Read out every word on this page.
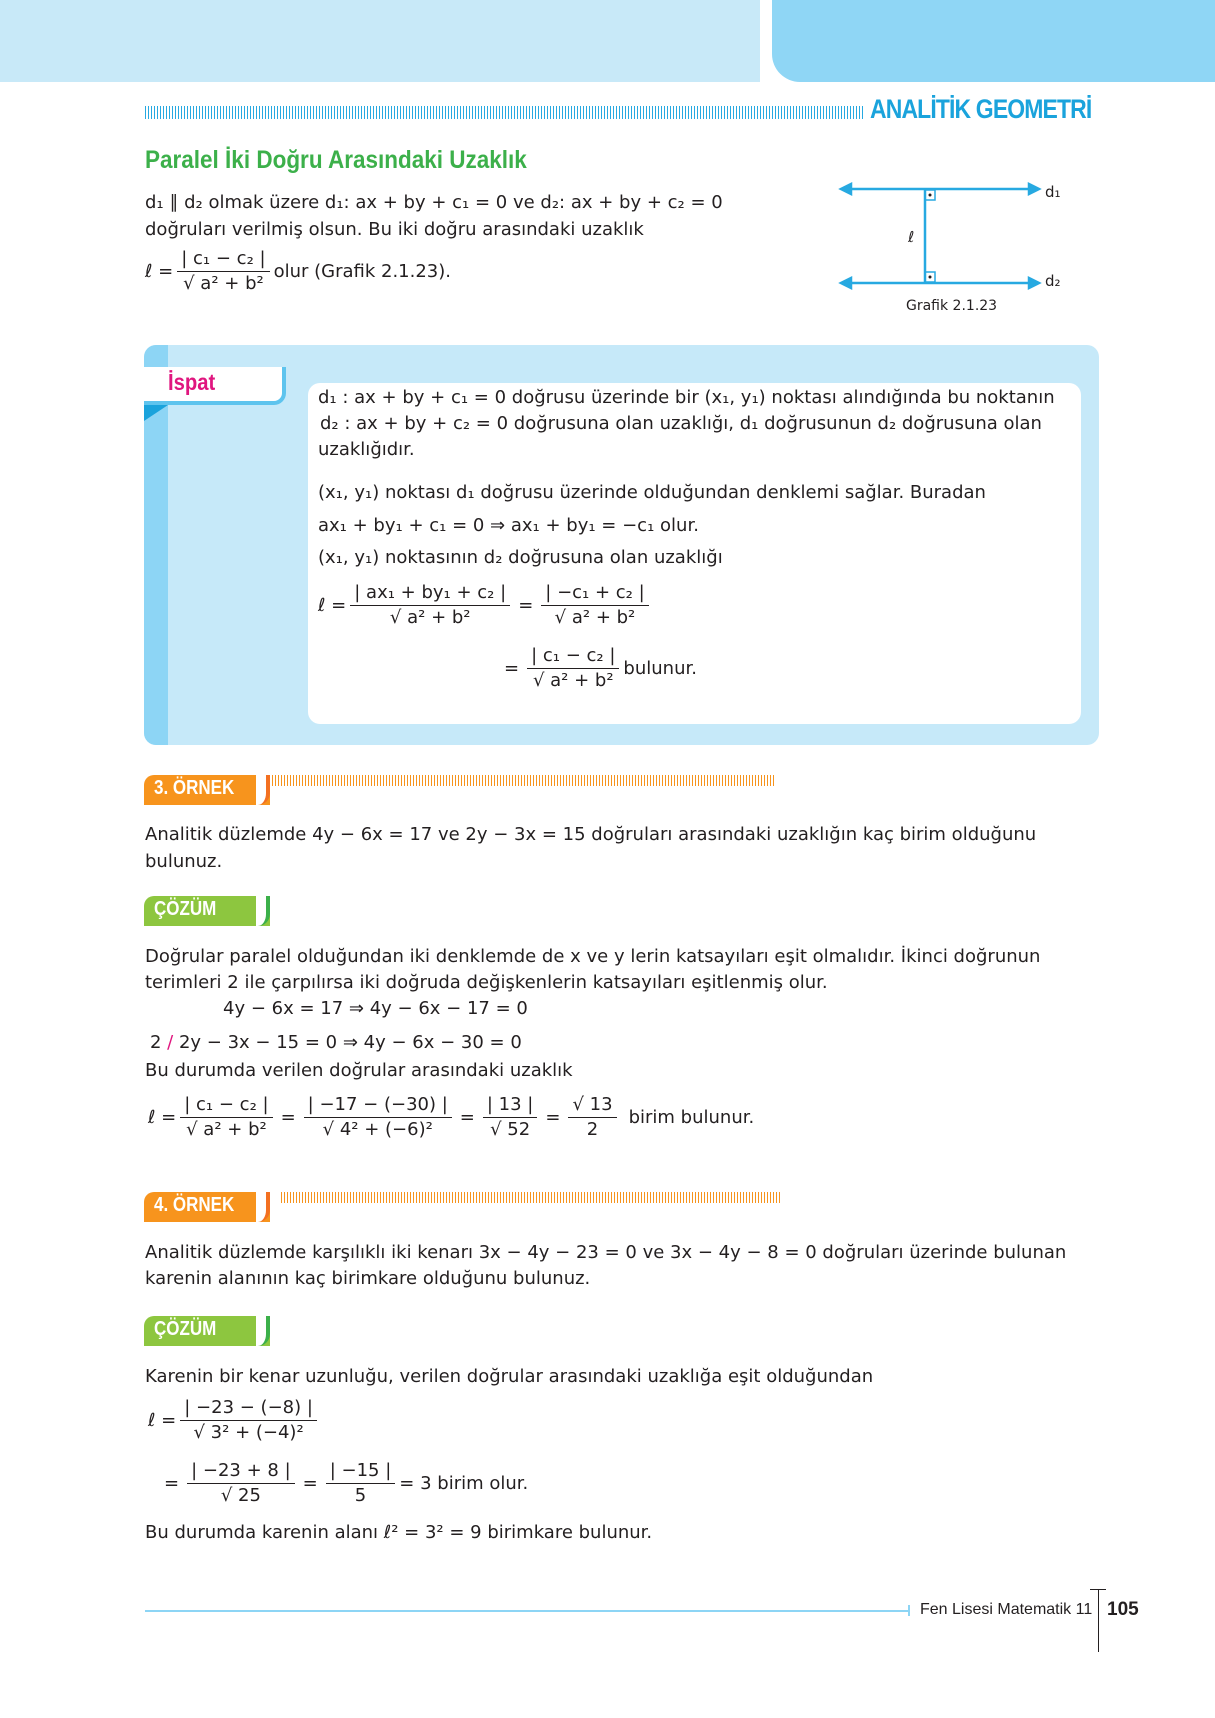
ANALİTİK GEOMETRİ
Paralel İki Doğru Arasındaki Uzaklık
d₁ ∥ d₂ olmak üzere d₁: ax + by + c₁ = 0 ve d₂: ax + by + c₂ = 0
doğruları verilmiş olsun. Bu iki doğru arasındaki uzaklık
ℓ = $\frac{\text{| c₁ − c₂ |}}{\text{√ a² + b²}}$ olur (Grafik 2.1.23).
d₁
d₂
ℓ
Grafik 2.1.23
İspat
d₁ : ax + by + c₁ = 0 doğrusu üzerinde bir (x₁, y₁) noktası alındığında bu noktanın
d₂ : ax + by + c₂ = 0 doğrusuna olan uzaklığı, d₁ doğrusunun d₂ doğrusuna olan
uzaklığıdır.
(x₁, y₁) noktası d₁ doğrusu üzerinde olduğundan denklemi sağlar. Buradan
ax₁ + by₁ + c₁ = 0 ⇒ ax₁ + by₁ = −c₁ olur.
(x₁, y₁) noktasının d₂ doğrusuna olan uzaklığı
ℓ = $\frac{\text{| ax₁ + by₁ + c₂ |}}{\text{√ a² + b²}} = \frac{\text{| −c₁ + c₂ |}}{\text{√ a² + b²}}$
= $\frac{\text{| c₁ − c₂ |}}{\text{√ a² + b²}}$ bulunur.
3. ÖRNEK
Analitik düzlemde 4y − 6x = 17 ve 2y − 3x = 15 doğruları arasındaki uzaklığın kaç birim olduğunu
bulunuz.
ÇÖZÜM
Doğrular paralel olduğundan iki denklemde de x ve y lerin katsayıları eşit olmalıdır. İkinci doğrunun
terimleri 2 ile çarpılırsa iki doğruda değişkenlerin katsayıları eşitlenmiş olur.
4y − 6x = 17 ⇒ 4y − 6x − 17 = 0
2 / 2y − 3x − 15 = 0 ⇒ 4y − 6x − 30 = 0
Bu durumda verilen doğrular arasındaki uzaklık
ℓ = $\frac{\text{| c₁ − c₂ |}}{\text{√ a² + b²}} = \frac{| -17 - (-30) |}{\text{√ 4² + (−6)²}} = \frac{| 13 |}{√ 52} = \frac{√ 13}{2}$ birim bulunur.
4. ÖRNEK
Analitik düzlemde karşılıklı iki kenarı 3x − 4y − 23 = 0 ve 3x − 4y − 8 = 0 doğruları üzerinde bulunan
karenin alanının kaç birimkare olduğunu bulunuz.
ÇÖZÜM
Karenin bir kenar uzunluğu, verilen doğrular arasındaki uzaklığa eşit olduğundan
ℓ = $\frac{| -23 - (-8) |}{\text{√ 3² + (−4)²}}$
= $\frac{| -23 + 8 |}{√ 25} = \frac{| -15 |}{5} = 3$ birim olur.
Bu durumda karenin alanı ℓ² = 3² = 9 birimkare bulunur.
Fen Lisesi Matematik 11 105
